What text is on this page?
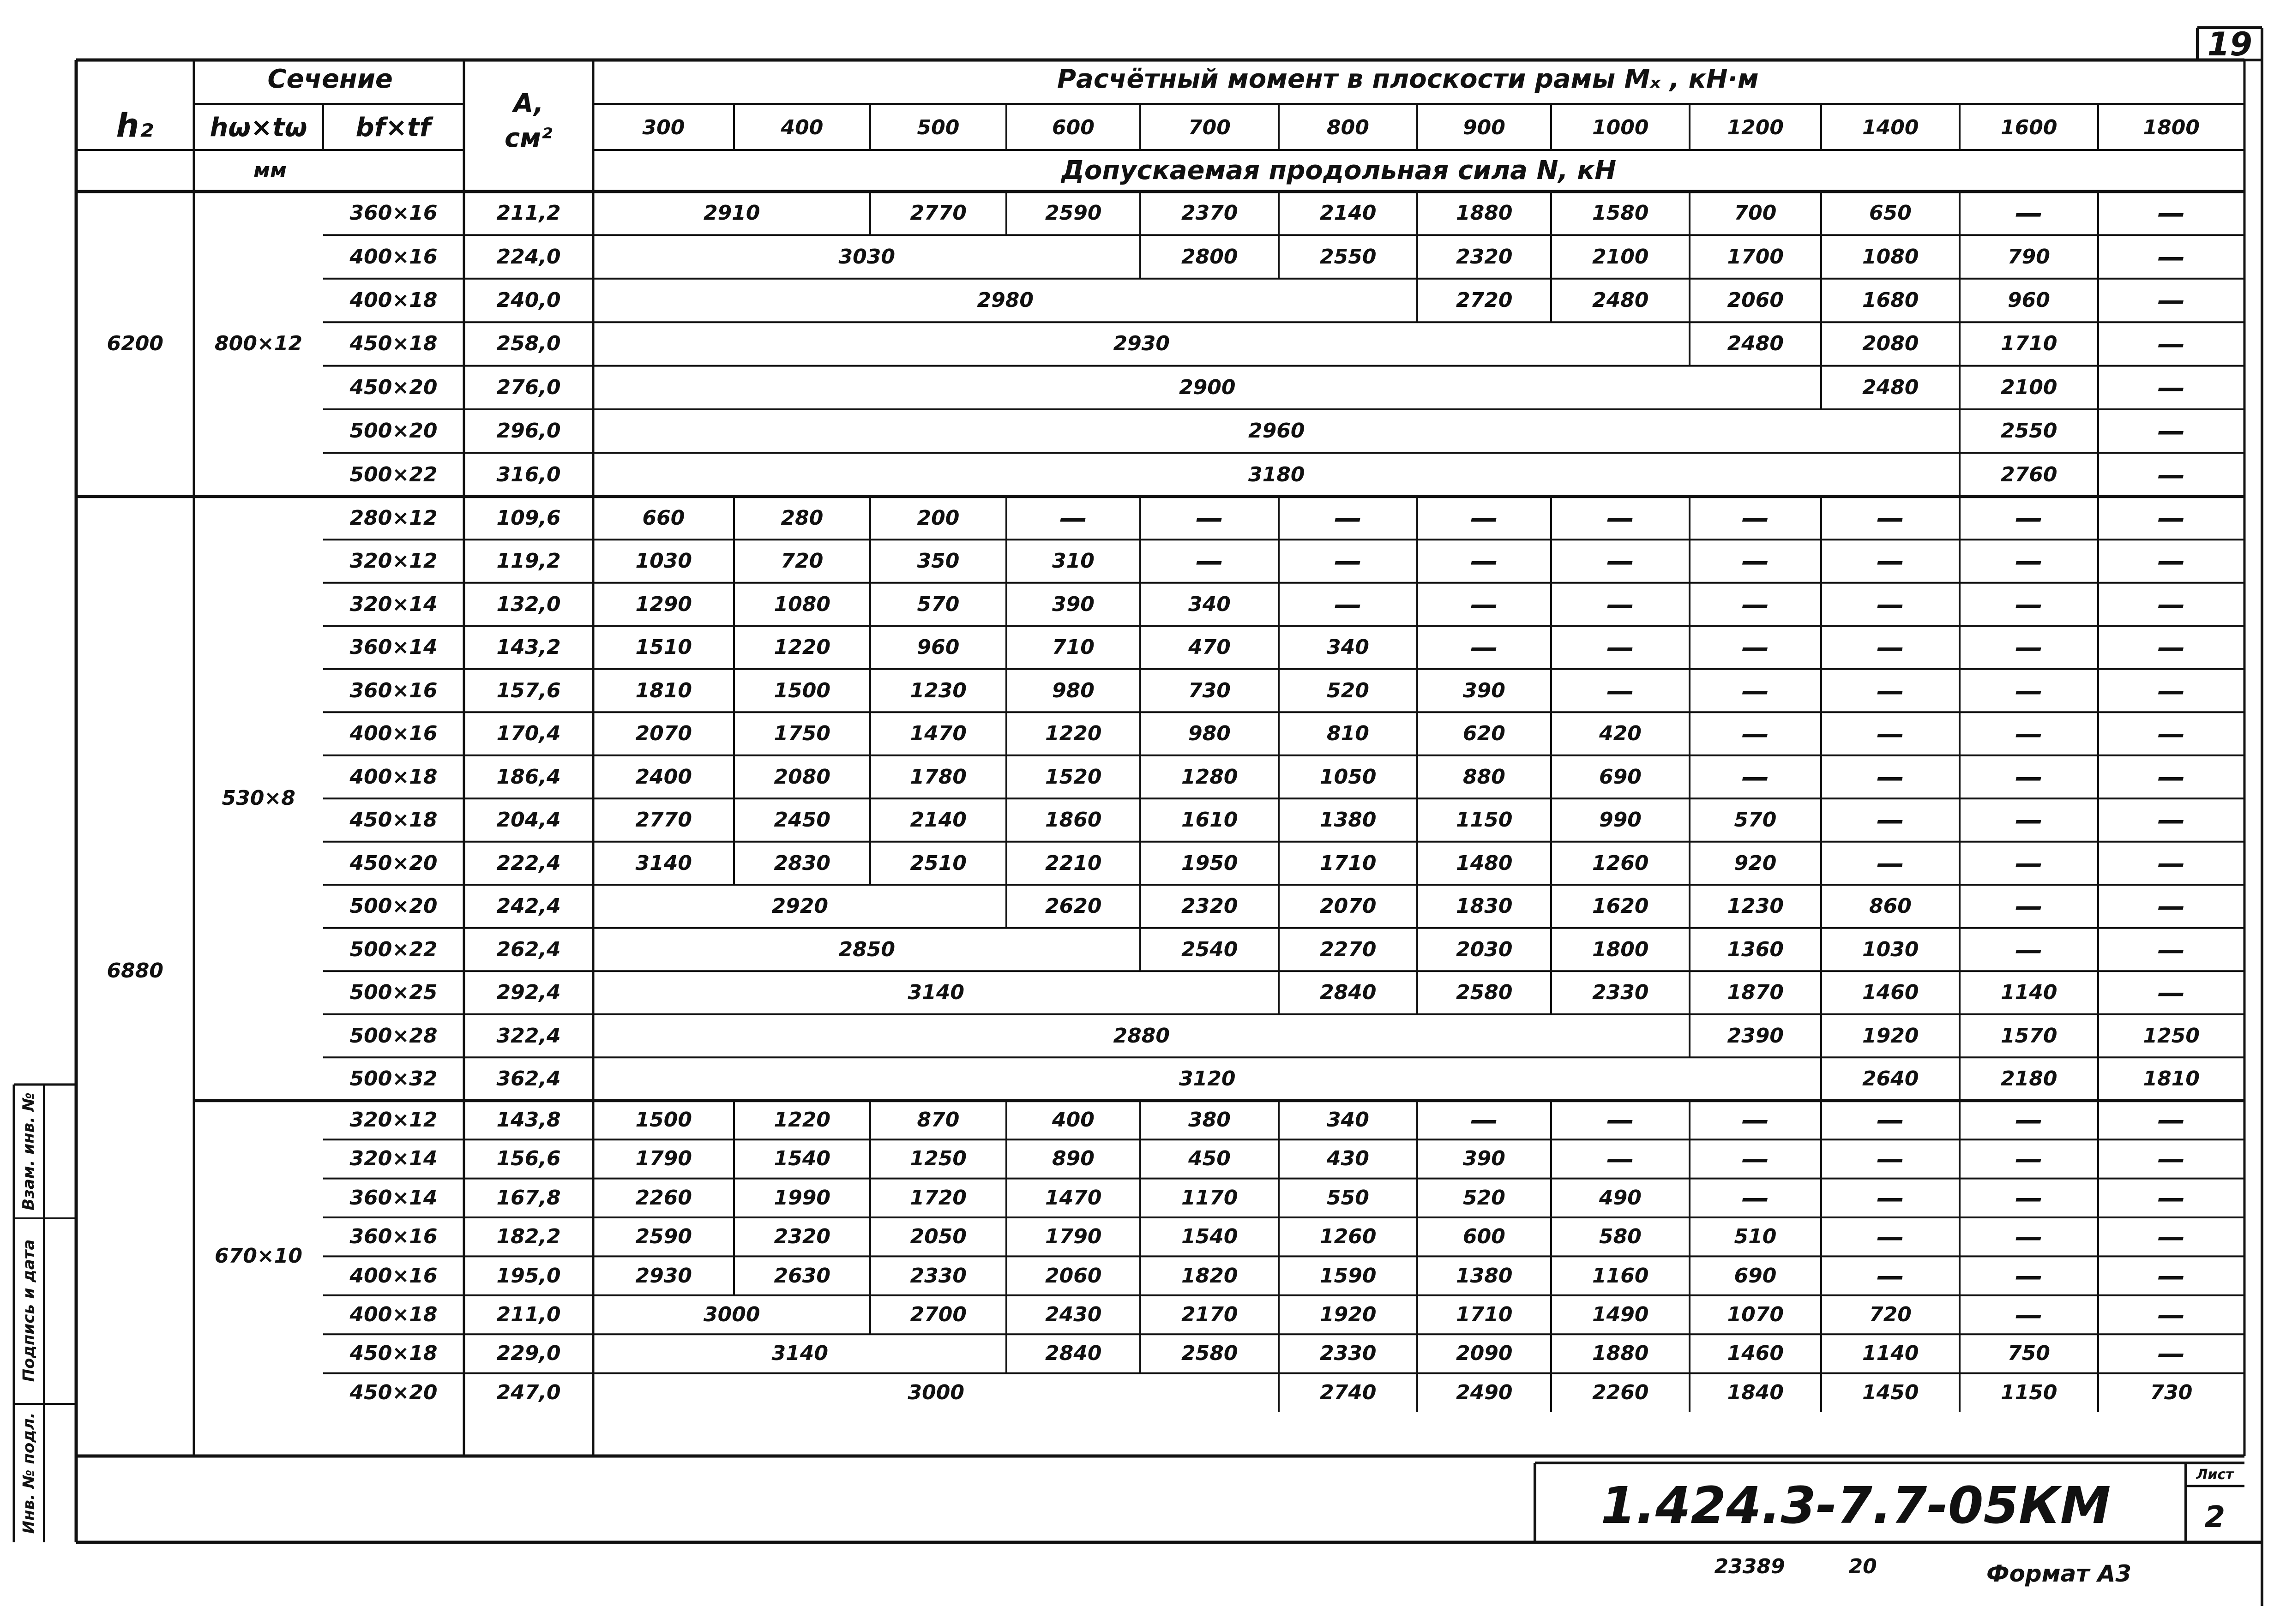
h₂
Сечение
hω×tω bf×tf
мм
A,
см²
Расчётный момент в плоскости рамы Mₓ , кН·м
Допускаемая продольная сила N, кН
300	400	500	600	700	800	900	1000	1200	1400	1600	1800
6200	800×12
360×16	211,2	2910	2770	2590	2370	2140	1880	1580	700	650	—	—
400×16	224,0	3030	2800	2550	2320	2100	1700	1080	790	—
400×18	240,0	2980	2720	2480	2060	1680	960	—
450×18	258,0	2930	2480	2080	1710	—
450×20	276,0	2900	2480	2100	—
500×20	296,0	2960	2550	—
500×22	316,0	3180	2760	—
6880
530×8
280×12	109,6	660	280	200	—	—	—	—	—	—	—	—	—
320×12	119,2	1030	720	350	310	—	—	—	—	—	—	—	—
320×14	132,0	1290	1080	570	390	340	—	—	—	—	—	—	—
360×14	143,2	1510	1220	960	710	470	340	—	—	—	—	—	—
360×16	157,6	1810	1500	1230	980	730	520	390	—	—	—	—	—
400×16	170,4	2070	1750	1470	1220	980	810	620	420	—	—	—	—
400×18	186,4	2400	2080	1780	1520	1280	1050	880	690	—	—	—	—
450×18	204,4	2770	2450	2140	1860	1610	1380	1150	990	570	—	—	—
450×20	222,4	3140	2830	2510	2210	1950	1710	1480	1260	920	—	—	—
500×20	242,4	2920	2620	2320	2070	1830	1620	1230	860	—	—
500×22	262,4	2850	2540	2270	2030	1800	1360	1030	—	—
500×25	292,4	3140	2840	2580	2330	1870	1460	1140	—
500×28	322,4	2880	2390	1920	1570	1250
500×32	362,4	3120	2640	2180	1810
670×10
320×12	143,8	1500	1220	870	400	380	340	—	—	—	—	—	—
320×14	156,6	1790	1540	1250	890	450	430	390	—	—	—	—	—
360×14	167,8	2260	1990	1720	1470	1170	550	520	490	—	—	—	—
360×16	182,2	2590	2320	2050	1790	1540	1260	600	580	510	—	—	—
400×16	195,0	2930	2630	2330	2060	1820	1590	1380	1160	690	—	—	—
400×18	211,0	3000	2700	2430	2170	1920	1710	1490	1070	720	—	—
450×18	229,0	3140	2840	2580	2330	2090	1880	1460	1140	750	—
450×20	247,0	3000	2740	2490	2260	1840	1450	1150	730
1.424.3-7.7-05КМ
Лист
2
23389	20	Формат А3
19
Взам. инв. №
Подпись и дата
Инв. № подл.
